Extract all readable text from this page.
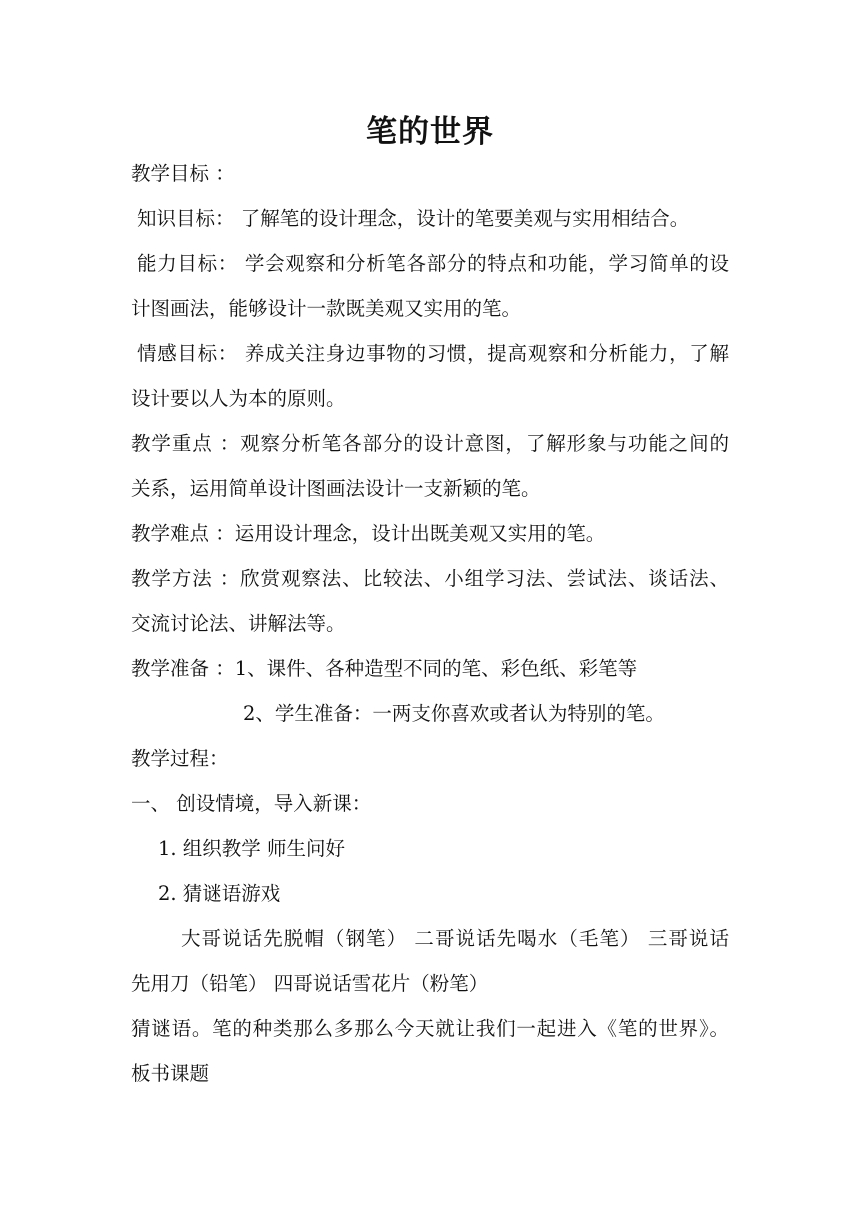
笔的世界
教学目标 ：
知识目标： 了解笔的设计理念，设计的笔要美观与实用相结合。
能力目标： 学会观察和分析笔各部分的特点和功能，学习简单的设
计图画法，能够设计一款既美观又实用的笔。
情感目标： 养成关注身边事物的习惯，提高观察和分析能力，了解
设计要以人为本的原则。
教学重点 ：观察分析笔各部分的设计意图，了解形象与功能之间的
关系，运用简单设计图画法设计一支新颖的笔。
教学难点 ：运用设计理念，设计出既美观又实用的笔。
教学方法 ：欣赏观察法、比较法、小组学习法、尝试法、谈话法、
交流讨论法、讲解法等。
教学准备 ：1、课件、各种造型不同的笔、彩色纸、彩笔等
2、学生准备：一两支你喜欢或者认为特别的笔。
教学过程：
一、 创设情境，导入新课：
1. 组织教学 师生问好
2. 猜谜语游戏
大哥说话先脱帽（钢笔） 二哥说话先喝水（毛笔） 三哥说话
先用刀（铅笔） 四哥说话雪花片（粉笔）
猜谜语。笔的种类那么多那么今天就让我们一起进入《笔的世界》。
板书课题
